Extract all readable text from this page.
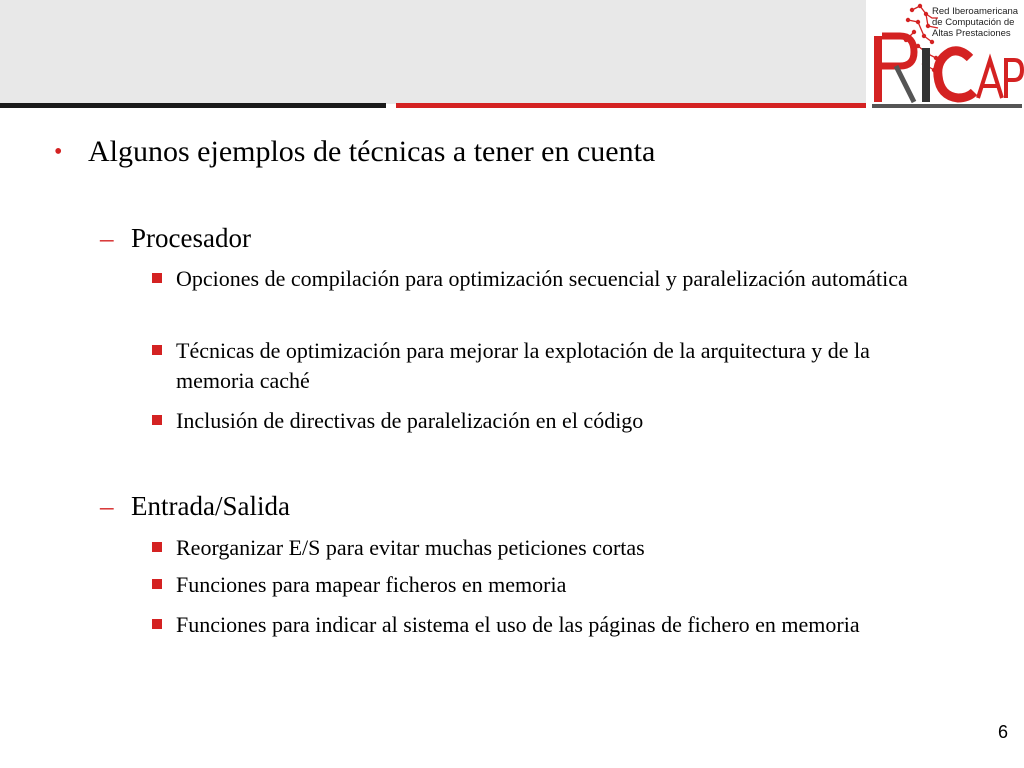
Red Iberoamericana
de Computación de
Altas Prestaciones
• Algunos ejemplos de técnicas a tener en cuenta
– Procesador
Opciones de compilación para optimización secuencial y paralelización automática
Técnicas de optimización para mejorar la explotación de la arquitectura y de la memoria caché
Inclusión de directivas de paralelización en el código
– Entrada/Salida
Reorganizar E/S para evitar muchas peticiones cortas
Funciones para mapear ficheros en memoria
Funciones para indicar al sistema el uso de las páginas de fichero en memoria
6
